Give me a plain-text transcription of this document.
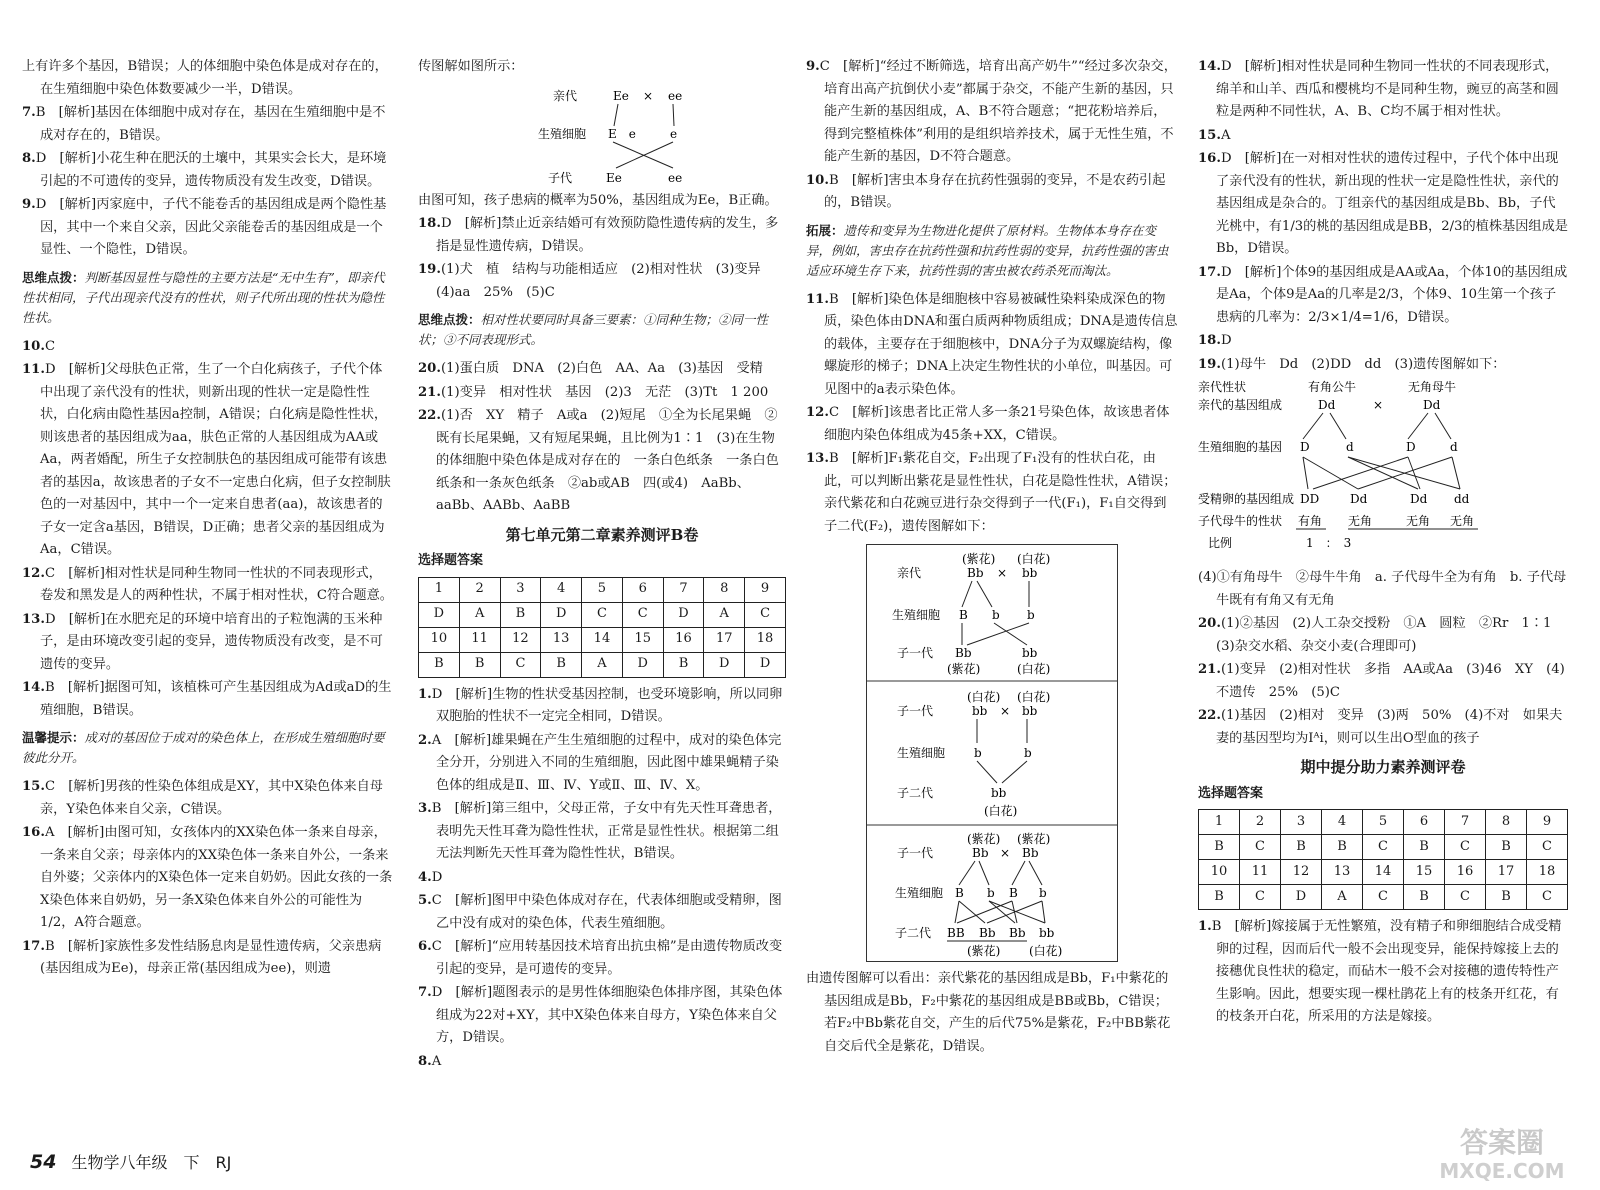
上有许多个基因，B错误；人的体细胞中染色体是成对存在的，在生殖细胞中染色体数要减少一半，D错误。
7.B　[解析]基因在体细胞中成对存在，基因在生殖细胞中是不成对存在的，B错误。
8.D　[解析]小花生种在肥沃的土壤中，其果实会长大，是环境引起的不可遗传的变异，遗传物质没有发生改变，D错误。
9.D　[解析]丙家庭中，子代不能卷舌的基因组成是两个隐性基因，其中一个来自父亲，因此父亲能卷舌的基因组成是一个显性、一个隐性，D错误。
思维点拨：判断基因显性与隐性的主要方法是“无中生有”，即亲代性状相同，子代出现亲代没有的性状，则子代所出现的性状为隐性性状。
10.C
11.D　[解析]父母肤色正常，生了一个白化病孩子，子代个体中出现了亲代没有的性状，则新出现的性状一定是隐性性状，白化病由隐性基因a控制，A错误；白化病是隐性性状，则该患者的基因组成为aa，肤色正常的人基因组成为AA或Aa，两者婚配，所生子女控制肤色的基因组成可能带有该患者的基因a，故该患者的子女不一定患白化病，但子女控制肤色的一对基因中，其中一个一定来自患者(aa)，故该患者的子女一定含a基因，B错误，D正确；患者父亲的基因组成为Aa，C错误。
12.C　[解析]相对性状是同种生物同一性状的不同表现形式，卷发和黑发是人的两种性状，不属于相对性状，C符合题意。
13.D　[解析]在水肥充足的环境中培育出的子粒饱满的玉米种子，是由环境改变引起的变异，遗传物质没有改变，是不可遗传的变异。
14.B　[解析]据图可知，该植株可产生基因组成为Ad或aD的生殖细胞，B错误。
温馨提示：成对的基因位于成对的染色体上，在形成生殖细胞时要彼此分开。
15.C　[解析]男孩的性染色体组成是XY，其中X染色体来自母亲，Y染色体来自父亲，C错误。
16.A　[解析]由图可知，女孩体内的XX染色体一条来自母亲，一条来自父亲；母亲体内的XX染色体一条来自外公，一条来自外婆；父亲体内的X染色体一定来自奶奶。因此女孩的一条X染色体来自奶奶，另一条X染色体来自外公的可能性为1/2，A符合题意。
17.B　[解析]家族性多发性结肠息肉是显性遗传病，父亲患病(基因组成为Ee)，母亲正常(基因组成为ee)，则遗
传图解如图所示：
亲代	Ee × ee
生殖细胞 E　e	e
子代	Ee	ee
由图可知，孩子患病的概率为50%，基因组成为Ee，B正确。
18.D　[解析]禁止近亲结婚可有效预防隐性遗传病的发生，多指是显性遗传病，D错误。
19.(1)犬　植　结构与功能相适应　(2)相对性状　(3)变异　(4)aa　25%　(5)C
思维点拨：相对性状要同时具备三要素：①同种生物；②同一性状；③不同表现形式。
20.(1)蛋白质　DNA　(2)白色　AA、Aa　(3)基因　受精
21.(1)变异　相对性状　基因　(2)3　无茫　(3)Tt　1 200
22.(1)否　XY　精子　A或a　(2)短尾　①全为长尾果蝇　②既有长尾果蝇，又有短尾果蝇，且比例为1∶1　(3)在生物的体细胞中染色体是成对存在的　一条白色纸条　一条白色纸条和一条灰色纸条　②ab或AB　四(或4)　AaBb、aaBb、AABb、AaBB
第七单元第二章素养测评B卷
选择题答案
1	2	3	4	5	6	7	8	9
D	A	B	D	C	C	D	A	C
10	11	12	13	14	15	16	17	18
B	B	C	B	A	D	B	D	D
1.D　[解析]生物的性状受基因控制，也受环境影响，所以同卵双胞胎的性状不一定完全相同，D错误。
2.A　[解析]雄果蝇在产生生殖细胞的过程中，成对的染色体完全分开，分别进入不同的生殖细胞，因此图中雄果蝇精子染色体的组成是Ⅱ、Ⅲ、Ⅳ、Y或Ⅱ、Ⅲ、Ⅳ、X。
3.B　[解析]第三组中，父母正常，子女中有先天性耳聋患者，表明先天性耳聋为隐性性状，正常是显性性状。根据第二组无法判断先天性耳聋为隐性性状，B错误。
4.D
5.C　[解析]图甲中染色体成对存在，代表体细胞或受精卵，图乙中没有成对的染色体，代表生殖细胞。
6.C　[解析]“应用转基因技术培育出抗虫棉”是由遗传物质改变引起的变异，是可遗传的变异。
7.D　[解析]题图表示的是男性体细胞染色体排序图，其染色体组成为22对+XY，其中X染色体来自母方，Y染色体来自父方，D错误。
8.A
9.C　[解析]“经过不断筛选，培育出高产奶牛”“经过多次杂交，培育出高产抗倒伏小麦”都属于杂交，不能产生新的基因，只能产生新的基因组成，A、B不符合题意；“把花粉培养后，得到完整植株体”利用的是组织培养技术，属于无性生殖，不能产生新的基因，D不符合题意。
10.B　[解析]害虫本身存在抗药性强弱的变异，不是农药引起的，B错误。
拓展：遗传和变异为生物进化提供了原材料。生物体本身存在变异，例如，害虫存在抗药性强和抗药性弱的变异，抗药性强的害虫适应环境生存下来，抗药性弱的害虫被农药杀死而淘汰。
11.B　[解析]染色体是细胞核中容易被碱性染料染成深色的物质，染色体由DNA和蛋白质两种物质组成；DNA是遗传信息的载体，主要存在于细胞核中，DNA分子为双螺旋结构，像螺旋形的梯子；DNA上决定生物性状的小单位，叫基因。可见图中的a表示染色体。
12.C　[解析]该患者比正常人多一条21号染色体，故该患者体细胞内染色体组成为45条+XX，C错误。
13.B　[解析]F₁紫花自交，F₂出现了F₁没有的性状白花，由此，可以判断出紫花是显性性状，白花是隐性性状，A错误；亲代紫花和白花豌豆进行杂交得到子一代(F₁)，F₁自交得到子二代(F₂)，遗传图解如下：
(紫花) (白花)
亲代	Bb × bb
生殖细胞 B b b
子一代 Bb	bb
(紫花)	(白花)
(白花) (白花)
子一代	bb × bb
生殖细胞 b	b
子二代	bb
(白花)
(紫花) (紫花)
子一代	Bb × Bb
生殖细胞 B b B b
子二代 BB Bb Bb bb
(紫花) (白花)
由遗传图解可以看出：亲代紫花的基因组成是Bb，F₁中紫花的基因组成是Bb，F₂中紫花的基因组成是BB或Bb，C错误；若F₂中Bb紫花自交，产生的后代75%是紫花，F₂中BB紫花自交后代全是紫花，D错误。
14.D　[解析]相对性状是同种生物同一性状的不同表现形式，绵羊和山羊、西瓜和樱桃均不是同种生物，豌豆的高茎和圆粒是两种不同性状，A、B、C均不属于相对性状。
15.A
16.D　[解析]在一对相对性状的遗传过程中，子代个体中出现了亲代没有的性状，新出现的性状一定是隐性性状，亲代的基因组成是杂合的。丁组亲代的基因组成是Bb、Bb，子代光桃中，有1/3的桃的基因组成是BB，2/3的植株基因组成是Bb，D错误。
17.D　[解析]个体9的基因组成是AA或Aa，个体10的基因组成是Aa，个体9是Aa的几率是2/3，个体9、10生第一个孩子患病的几率为：2/3×1/4=1/6，D错误。
18.D
19.(1)母牛　Dd　(2)DD　dd　(3)遗传图解如下：
亲代性状	有角公牛	无角母牛
亲代的基因组成	Dd	×	Dd
生殖细胞的基因 D	d	D	d
受精卵的基因组成 DD	Dd	Dd dd
子代母牛的性状 有角 无角	无角 无角
比例	1　：　3
(4)①有角母牛　②母牛牛角　a. 子代母牛全为有角　b. 子代母牛既有有角又有无角
20.(1)②基因　(2)人工杂交授粉　①A　圆粒　②Rr　1∶1　(3)杂交水稻、杂交小麦(合理即可)
21.(1)变异　(2)相对性状　多指　AA或Aa　(3)46　XY　(4)不遗传　25%　(5)C
22.(1)基因　(2)相对　变异　(3)两　50%　(4)不对　如果夫妻的基因型均为Iᴬi，则可以生出O型血的孩子
期中提分助力素养测评卷
选择题答案
1	2	3	4	5	6	7	8	9
B	C	B	B	C	B	C	B	C
10	11	12	13	14	15	16	17	18
B	C	D	A	C	B	C	B	C
1.B　[解析]嫁接属于无性繁殖，没有精子和卵细胞结合成受精卵的过程，因而后代一般不会出现变异，能保持嫁接上去的接穗优良性状的稳定，而砧木一般不会对接穗的遗传特性产生影响。因此，想要实现一棵杜鹃花上有的枝条开红花，有的枝条开白花，所采用的方法是嫁接。
54 生物学八年级　下　RJ
答案圈
MXQE.COM
